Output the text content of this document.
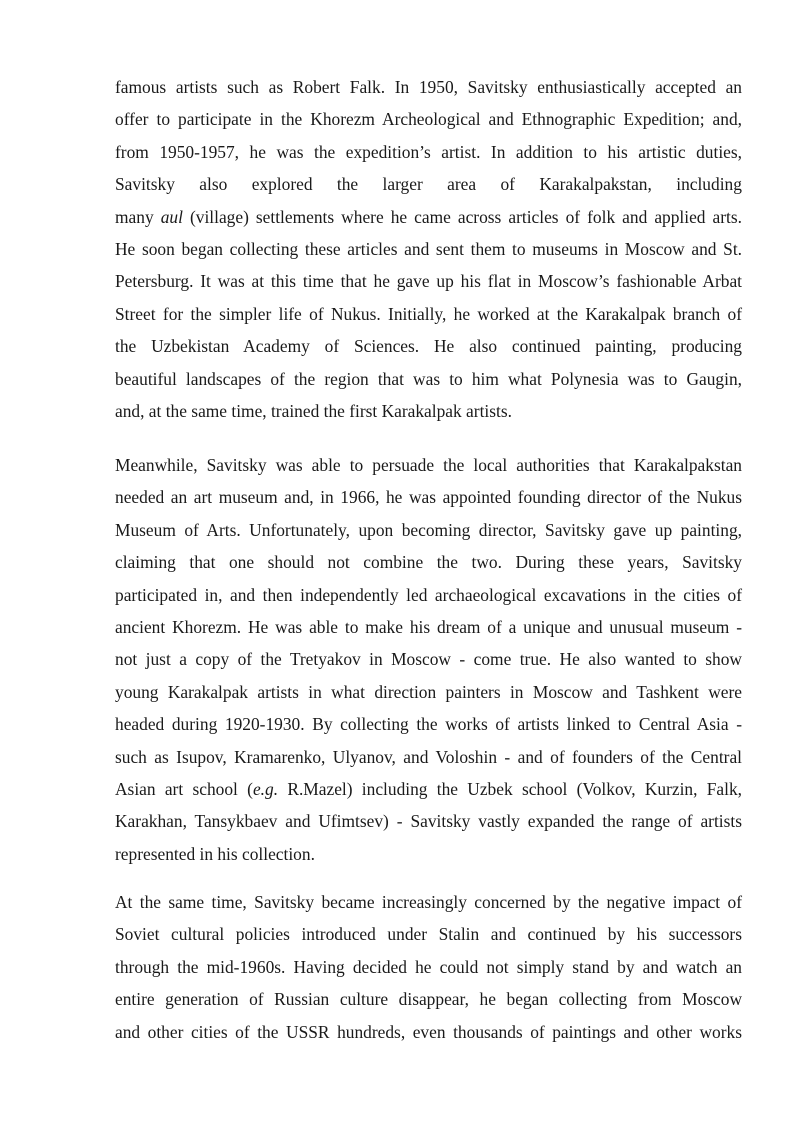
famous artists such as Robert Falk. In 1950, Savitsky enthusiastically accepted an
offer to participate in the Khorezm Archeological and Ethnographic Expedition; and,
from 1950-1957, he was the expedition’s artist. In addition to his artistic duties,
Savitsky also explored the larger area of Karakalpakstan, including
many aul (village) settlements where he came across articles of folk and applied arts.
He soon began collecting these articles and sent them to museums in Moscow and St.
Petersburg. It was at this time that he gave up his flat in Moscow’s fashionable Arbat
Street for the simpler life of Nukus. Initially, he worked at the Karakalpak branch of
the Uzbekistan Academy of Sciences. He also continued painting, producing
beautiful landscapes of the region that was to him what Polynesia was to Gaugin,
and, at the same time, trained the first Karakalpak artists.
Meanwhile, Savitsky was able to persuade the local authorities that Karakalpakstan
needed an art museum and, in 1966, he was appointed founding director of the Nukus
Museum of Arts. Unfortunately, upon becoming director, Savitsky gave up painting,
claiming that one should not combine the two. During these years, Savitsky
participated in, and then independently led archaeological excavations in the cities of
ancient Khorezm. He was able to make his dream of a unique and unusual museum -
not just a copy of the Tretyakov in Moscow - come true. He also wanted to show
young Karakalpak artists in what direction painters in Moscow and Tashkent were
headed during 1920-1930. By collecting the works of artists linked to Central Asia -
such as Isupov, Kramarenko, Ulyanov, and Voloshin - and of founders of the Central
Asian art school (e.g. R.Mazel) including the Uzbek school (Volkov, Kurzin, Falk,
Karakhan, Tansykbaev and Ufimtsev) - Savitsky vastly expanded the range of artists
represented in his collection.
At the same time, Savitsky became increasingly concerned by the negative impact of
Soviet cultural policies introduced under Stalin and continued by his successors
through the mid-1960s. Having decided he could not simply stand by and watch an
entire generation of Russian culture disappear, he began collecting from Moscow
and other cities of the USSR hundreds, even thousands of paintings and other works
